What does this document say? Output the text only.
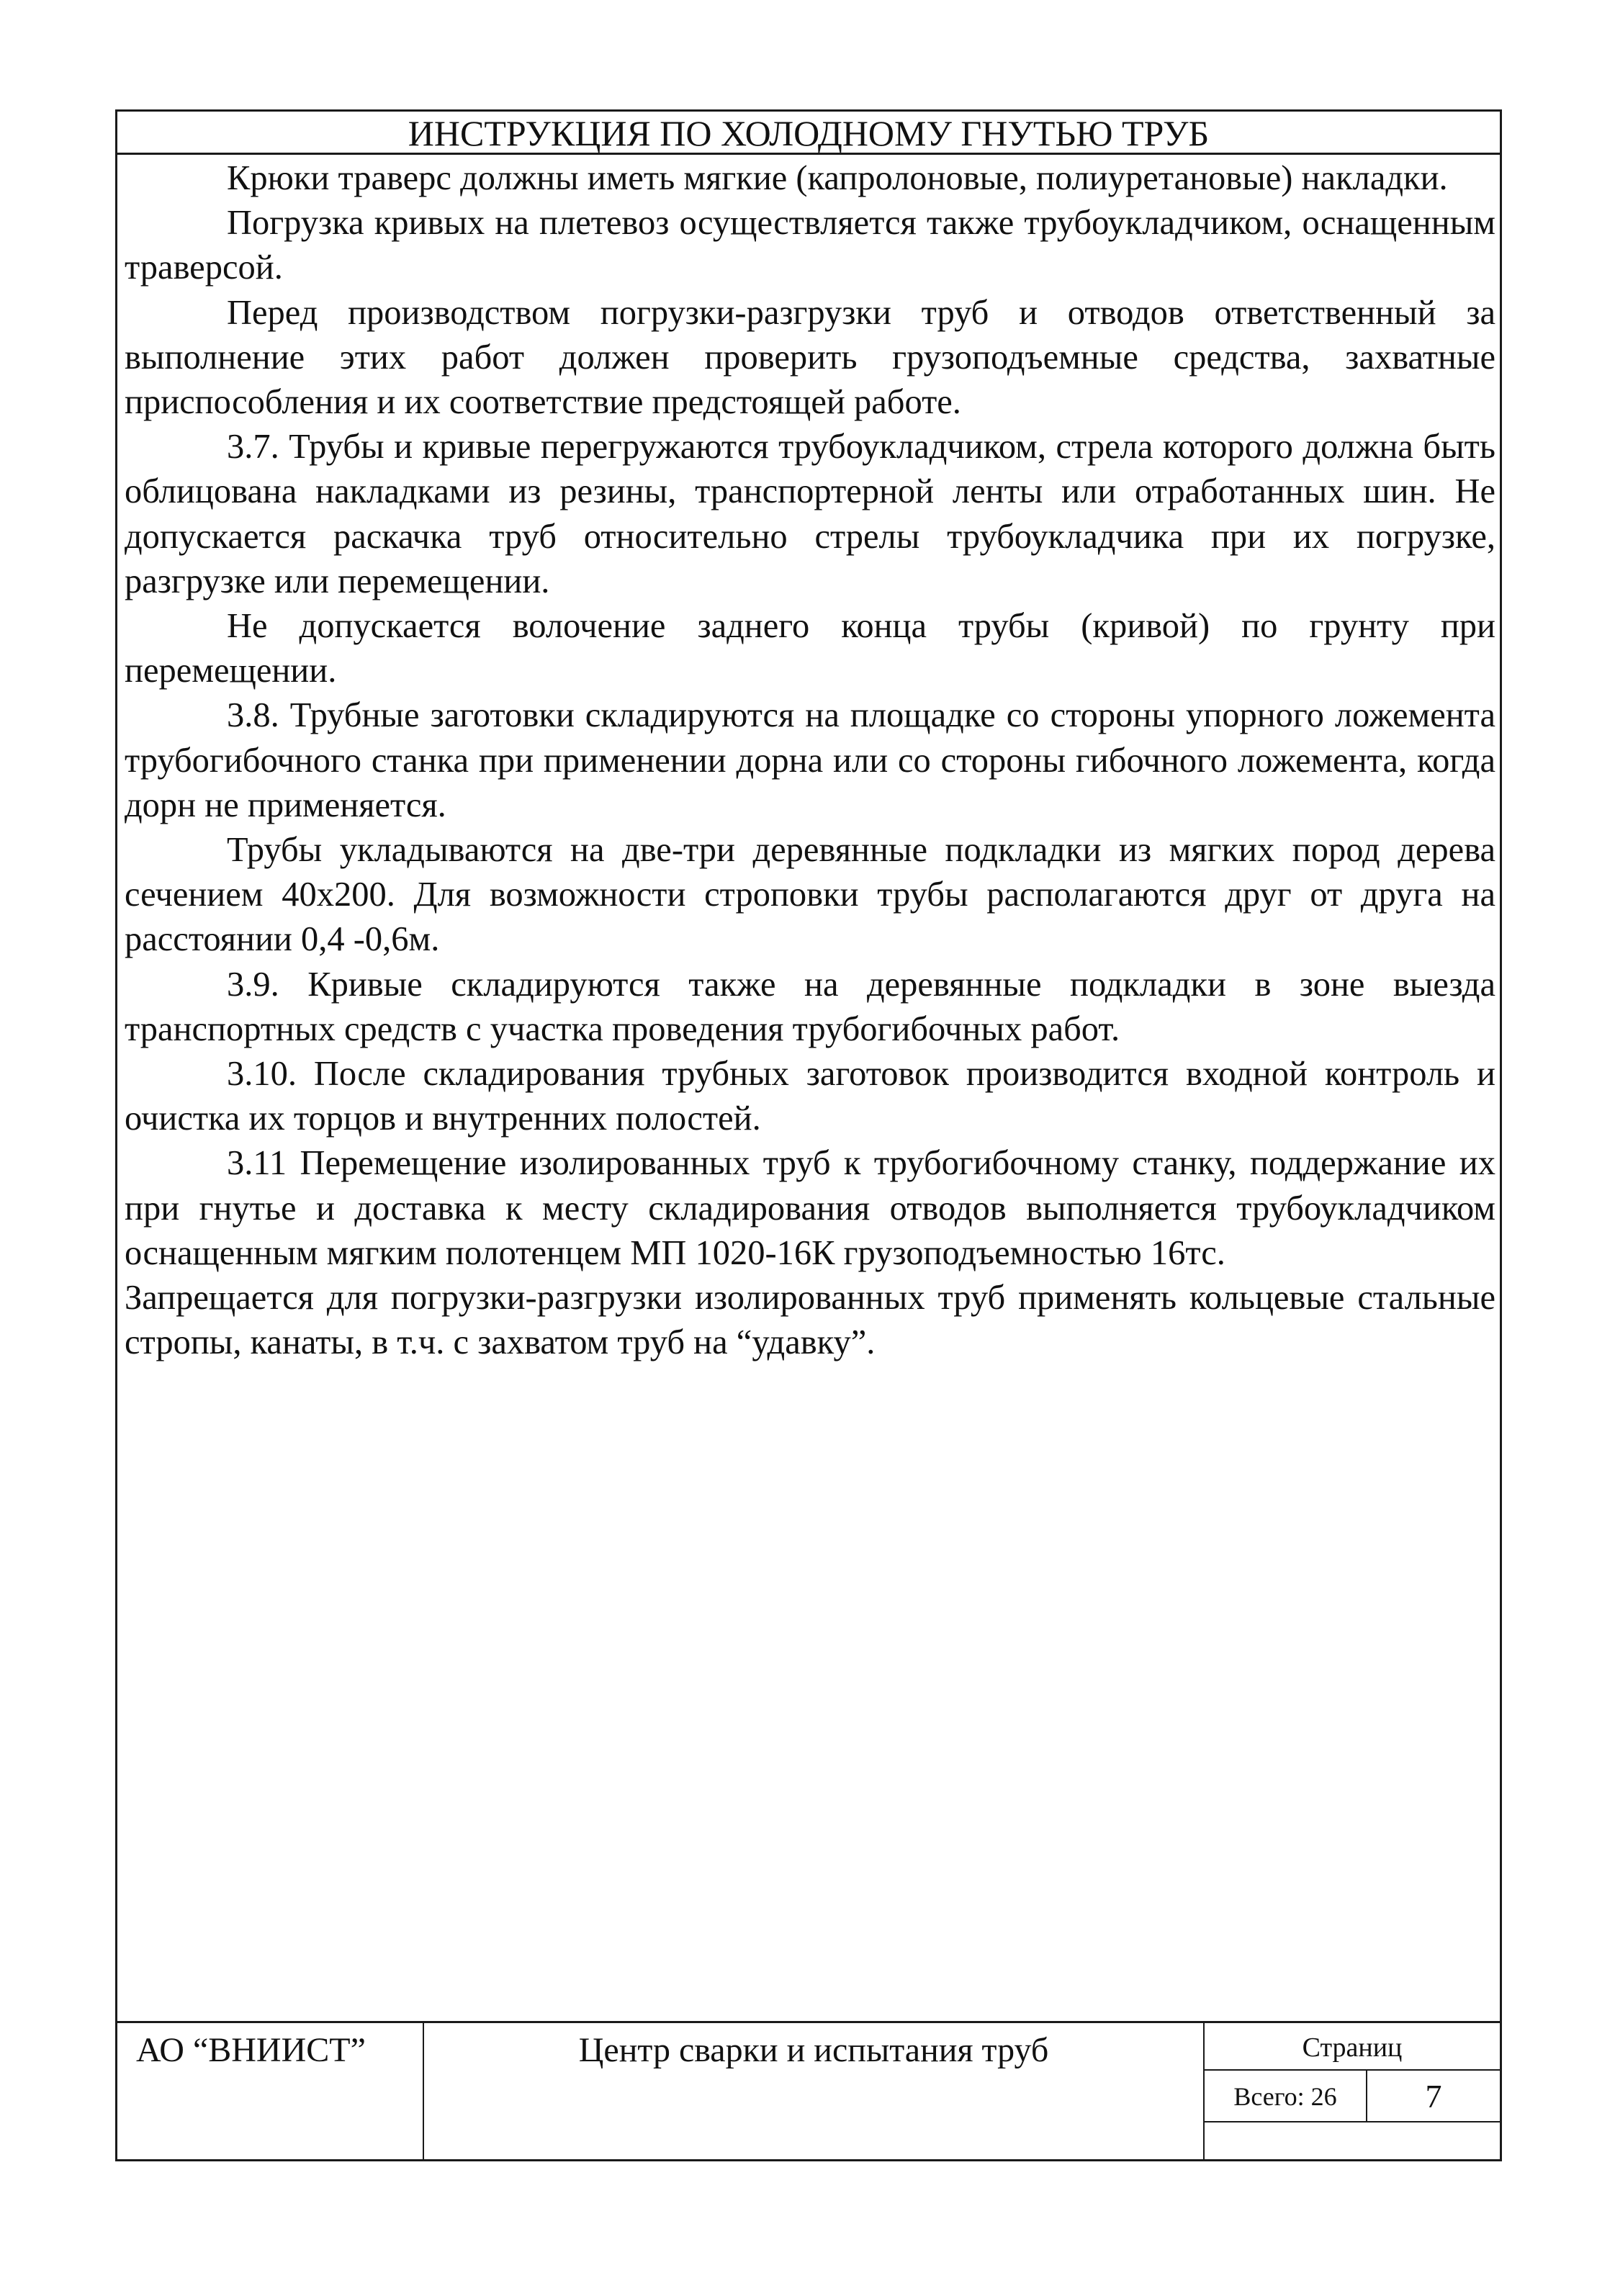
ИНСТРУКЦИЯ ПО ХОЛОДНОМУ ГНУТЬЮ ТРУБ

Крюки траверс должны иметь мягкие (капролоновые, полиуретановые) накладки.

Погрузка кривых на плетевоз осуществляется также трубоукладчиком, оснащенным траверсой.

Перед производством погрузки-разгрузки труб и отводов ответственный за выполнение этих работ должен проверить грузоподъемные средства, захватные приспособления и их соответствие предстоящей работе.

3.7. Трубы и кривые перегружаются трубоукладчиком, стрела которого должна быть облицована накладками из резины, транспортерной ленты или отработанных шин. Не допускается раскачка труб относительно стрелы трубоукладчика при их погрузке, разгрузке или перемещении.

Не допускается волочение заднего конца трубы (кривой) по грунту при перемещении.

3.8. Трубные заготовки складируются на площадке со стороны упорного ложемента трубогибочного станка при применении дорна или со стороны гибочного ложемента, когда дорн не применяется.

Трубы укладываются на две-три деревянные подкладки из мягких пород дерева сечением 40х200. Для возможности строповки трубы располагаются друг от друга на расстоянии 0,4 -0,6м.

3.9. Кривые складируются также на деревянные подкладки в зоне выезда транспортных средств с участка проведения трубогибочных работ.

3.10. После складирования трубных заготовок производится входной контроль и очистка их торцов и внутренних полостей.

3.11 Перемещение изолированных труб к трубогибочному станку, поддержание их при гнутье и доставка к месту складирования отводов выполняется трубоукладчиком оснащенным мягким полотенцем МП 1020-16К грузоподъемностью 16тс.

Запрещается для погрузки-разгрузки изолированных труб применять кольцевые стальные стропы, канаты, в т.ч. с захватом труб на “удавку”.

АО “ВНИИСТ”	Центр сварки и испытания труб	Страниц
Всего: 26	7
